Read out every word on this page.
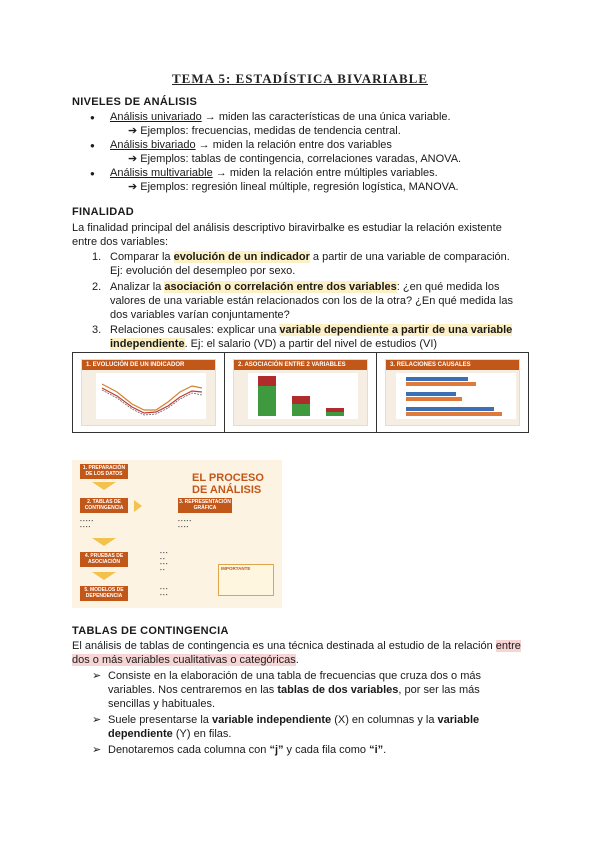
TEMA 5: ESTADÍSTICA BIVARIABLE
NIVELES DE ANÁLISIS
● Análisis univariado → miden las características de una única variable.
➔ Ejemplos: frecuencias, medidas de tendencia central.
● Análisis bivariado → miden la relación entre dos variables
➔ Ejemplos: tablas de contingencia, correlaciones varadas, ANOVA.
● Análisis multivariable → miden la relación entre múltiples variables.
➔ Ejemplos: regresión lineal múltiple, regresión logística, MANOVA.
FINALIDAD
La finalidad principal del análisis descriptivo biravirbalke es estudiar la relación existente
entre dos variables:
1. Comparar la evolución de un indicador a partir de una variable de comparación.
Ej: evolución del desempleo por sexo.
2. Analizar la asociación o correlación entre dos variables: ¿en qué medida los
valores de una variable están relacionados con los de la otra? ¿En qué medida las
dos variables varían conjuntamente?
3. Relaciones causales: explicar una variable dependiente a partir de una variable
independiente. Ej: el salario (VD) a partir del nivel de estudios (VI)
1. EVOLUCIÓN DE UN INDICADOR	2. ASOCIACIÓN ENTRE 2 VARIABLES	3. RELACIONES CAUSALES
EL PROCESO
DE ANÁLISIS
1. PREPARACIÓN DE LOS DATOS
2. TABLAS DE CONTINGENCIA
▪ ▪ ▪ ▪ ▪
▪ ▪ ▪ ▪
3. REPRESENTACIÓN GRÁFICA
▪ ▪ ▪ ▪ ▪
▪ ▪ ▪ ▪
4. PRUEBAS DE ASOCIACIÓN
▪ ▪ ▪
▪ ▪
▪ ▪ ▪
▪ ▪
5. MODELOS DE DEPENDENCIA
▪ ▪ ▪
▪ ▪ ▪
IMPORTANTE
TABLAS DE CONTINGENCIA
El análisis de tablas de contingencia es una técnica destinada al estudio de la relación entre
dos o más variables cualitativas o categóricas.
➢ Consiste en la elaboración de una tabla de frecuencias que cruza dos o más
variables. Nos centraremos en las tablas de dos variables, por ser las más
sencillas y habituales.
➢ Suele presentarse la variable independiente (X) en columnas y la variable
dependiente (Y) en filas.
➢ Denotaremos cada columna con “j” y cada fila como “i”.
